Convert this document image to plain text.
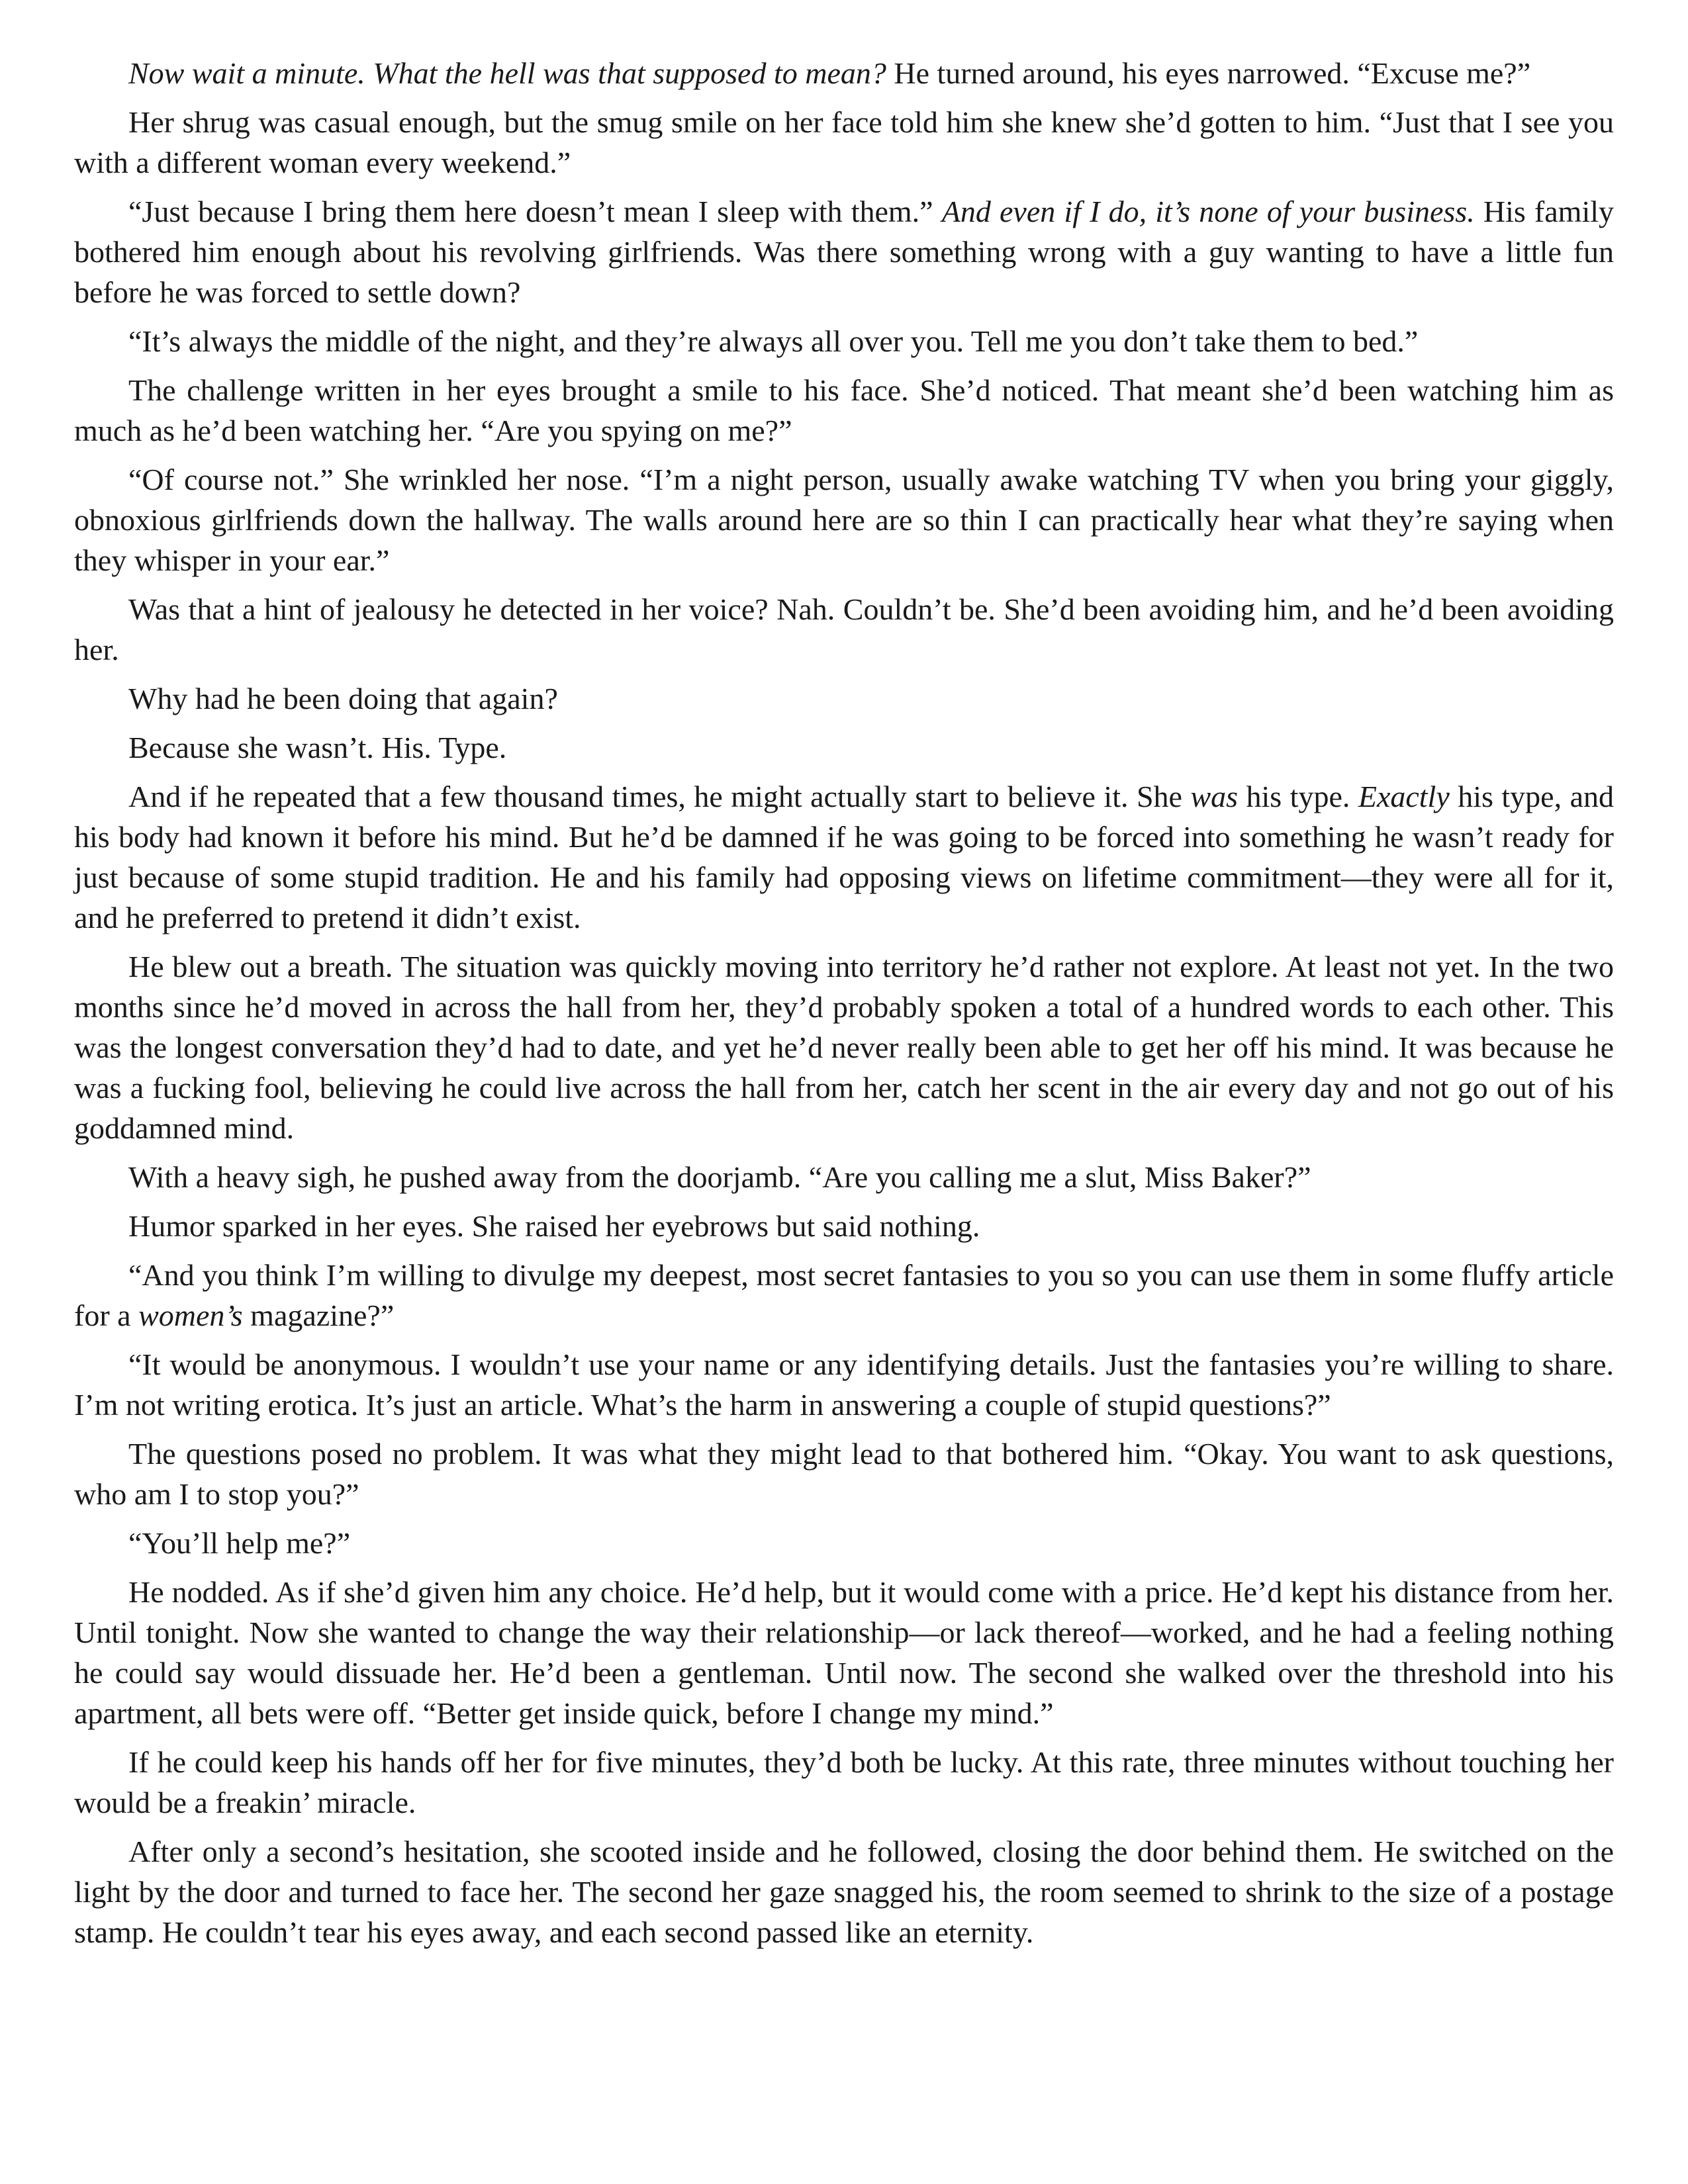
Now wait a minute. What the hell was that supposed to mean? He turned around, his eyes narrowed. “Excuse me?”

Her shrug was casual enough, but the smug smile on her face told him she knew she’d gotten to him. “Just that I see you with a different woman every weekend.”

“Just because I bring them here doesn’t mean I sleep with them.” And even if I do, it’s none of your business. His family bothered him enough about his revolving girlfriends. Was there something wrong with a guy wanting to have a little fun before he was forced to settle down?

“It’s always the middle of the night, and they’re always all over you. Tell me you don’t take them to bed.”

The challenge written in her eyes brought a smile to his face. She’d noticed. That meant she’d been watching him as much as he’d been watching her. “Are you spying on me?”

“Of course not.” She wrinkled her nose. “I’m a night person, usually awake watching TV when you bring your giggly, obnoxious girlfriends down the hallway. The walls around here are so thin I can practically hear what they’re saying when they whisper in your ear.”

Was that a hint of jealousy he detected in her voice? Nah. Couldn’t be. She’d been avoiding him, and he’d been avoiding her.

Why had he been doing that again?

Because she wasn’t. His. Type.

And if he repeated that a few thousand times, he might actually start to believe it. She was his type. Exactly his type, and his body had known it before his mind. But he’d be damned if he was going to be forced into something he wasn’t ready for just because of some stupid tradition. He and his family had opposing views on lifetime commitment—they were all for it, and he preferred to pretend it didn’t exist.

He blew out a breath. The situation was quickly moving into territory he’d rather not explore. At least not yet. In the two months since he’d moved in across the hall from her, they’d probably spoken a total of a hundred words to each other. This was the longest conversation they’d had to date, and yet he’d never really been able to get her off his mind. It was because he was a fucking fool, believing he could live across the hall from her, catch her scent in the air every day and not go out of his goddamned mind.

With a heavy sigh, he pushed away from the doorjamb. “Are you calling me a slut, Miss Baker?”

Humor sparked in her eyes. She raised her eyebrows but said nothing.

“And you think I’m willing to divulge my deepest, most secret fantasies to you so you can use them in some fluffy article for a women’s magazine?”

“It would be anonymous. I wouldn’t use your name or any identifying details. Just the fantasies you’re willing to share. I’m not writing erotica. It’s just an article. What’s the harm in answering a couple of stupid questions?”

The questions posed no problem. It was what they might lead to that bothered him. “Okay. You want to ask questions, who am I to stop you?”

“You’ll help me?”

He nodded. As if she’d given him any choice. He’d help, but it would come with a price. He’d kept his distance from her. Until tonight. Now she wanted to change the way their relationship—or lack thereof—worked, and he had a feeling nothing he could say would dissuade her. He’d been a gentleman. Until now. The second she walked over the threshold into his apartment, all bets were off. “Better get inside quick, before I change my mind.”

If he could keep his hands off her for five minutes, they’d both be lucky. At this rate, three minutes without touching her would be a freakin’ miracle.

After only a second’s hesitation, she scooted inside and he followed, closing the door behind them. He switched on the light by the door and turned to face her. The second her gaze snagged his, the room seemed to shrink to the size of a postage stamp. He couldn’t tear his eyes away, and each second passed like an eternity.
